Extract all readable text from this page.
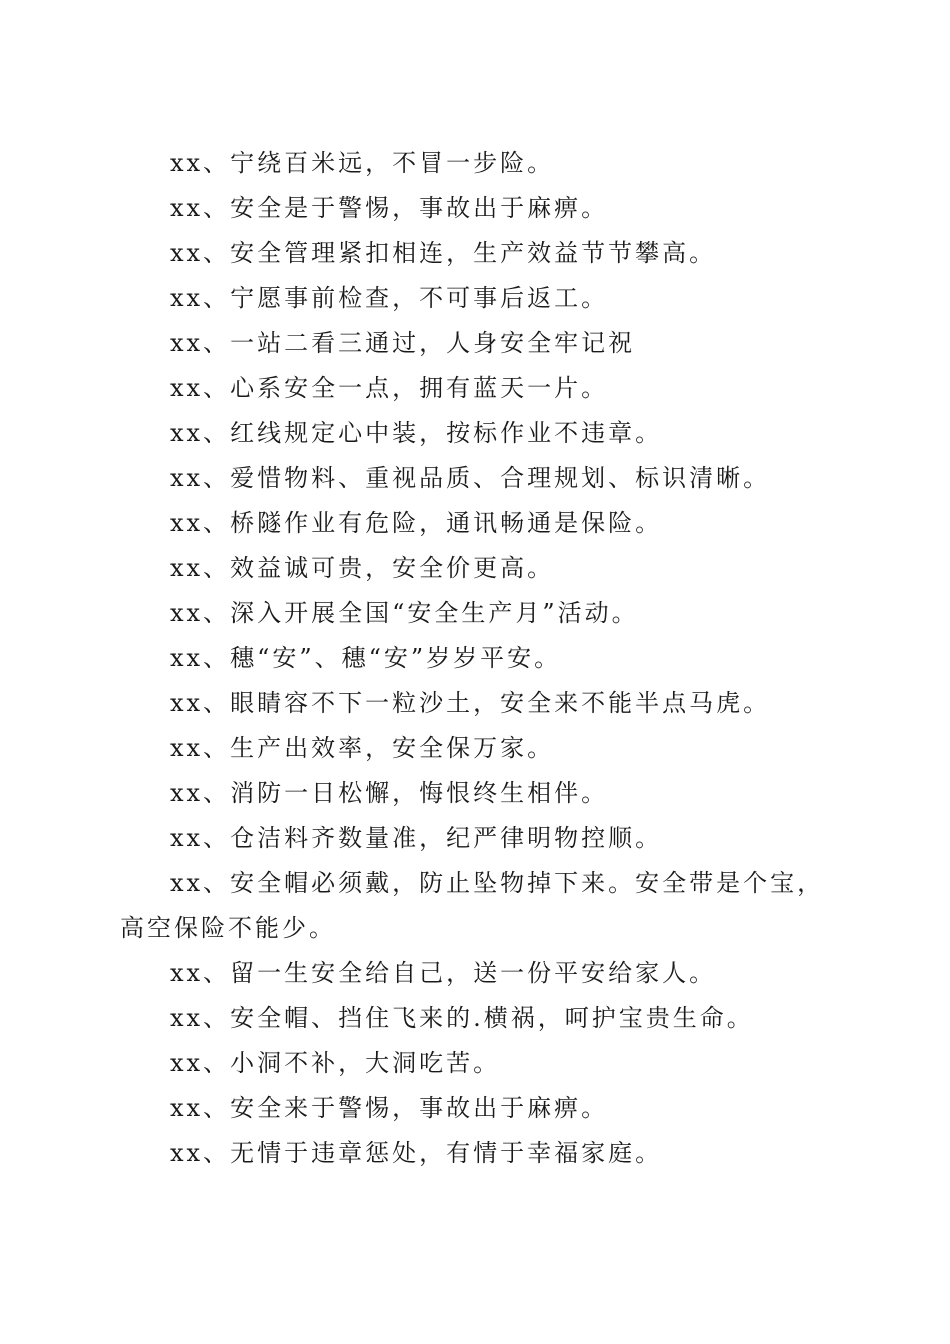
xx、宁绕百米远，不冒一步险。

xx、安全是于警惕，事故出于麻痹。

xx、安全管理紧扣相连，生产效益节节攀高。

xx、宁愿事前检查，不可事后返工。

xx、一站二看三通过，人身安全牢记祝

xx、心系安全一点，拥有蓝天一片。

xx、红线规定心中装，按标作业不违章。

xx、爱惜物料、重视品质、合理规划、标识清晰。

xx、桥隧作业有危险，通讯畅通是保险。

xx、效益诚可贵，安全价更高。

xx、深入开展全国“安全生产月”活动。

xx、穗“安”、穗“安”岁岁平安。

xx、眼睛容不下一粒沙土，安全来不能半点马虎。

xx、生产出效率，安全保万家。

xx、消防一日松懈，悔恨终生相伴。

xx、仓洁料齐数量准，纪严律明物控顺。

xx、安全帽必须戴，防止坠物掉下来。安全带是个宝，高空保险不能少。

xx、留一生安全给自己，送一份平安给家人。

xx、安全帽、挡住飞来的.横祸，呵护宝贵生命。

xx、小洞不补，大洞吃苦。

xx、安全来于警惕，事故出于麻痹。

xx、无情于违章惩处，有情于幸福家庭。
